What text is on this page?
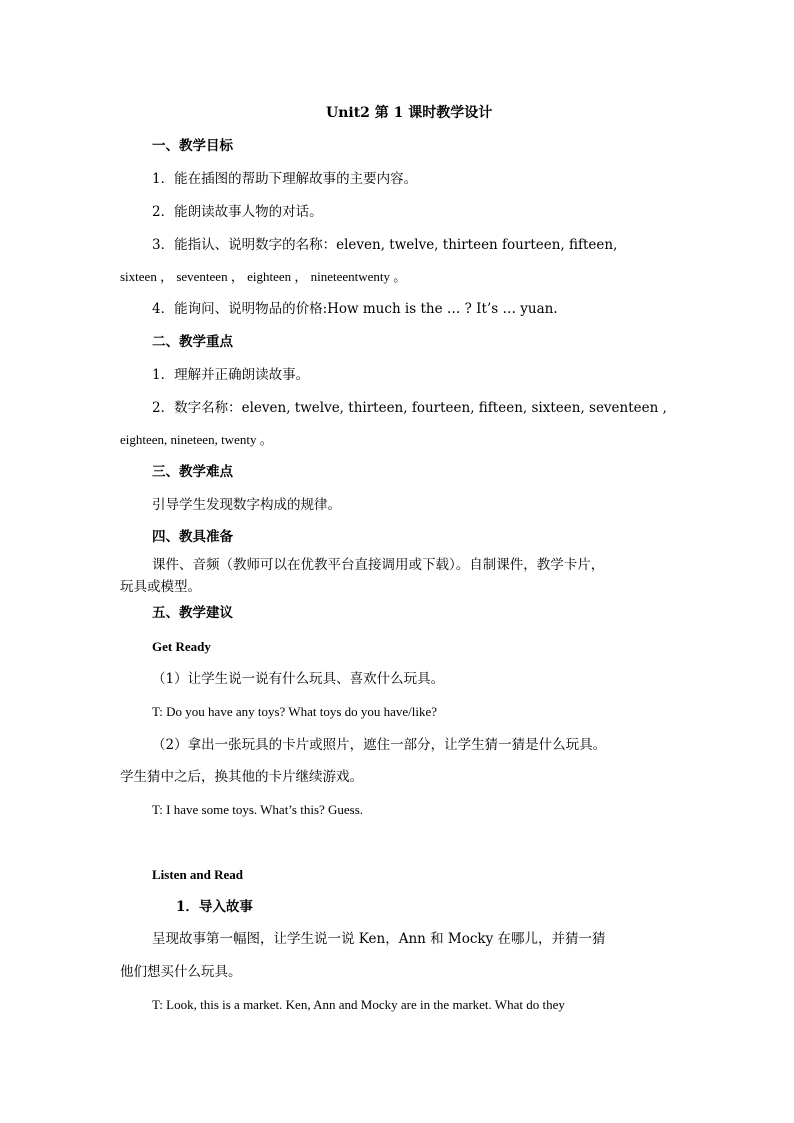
Unit2 第 1 课时教学设计
一、教学目标
1．能在插图的帮助下理解故事的主要内容。
2．能朗读故事人物的对话。
3．能指认、说明数字的名称：eleven, twelve, thirteen fourteen, fifteen,
sixteen ， seventeen ， eighteen ， nineteentwenty 。
4．能询问、说明物品的价格:How much is the … ? It’s … yuan.
二、教学重点
1．理解并正确朗读故事。
2．数字名称：eleven, twelve, thirteen, fourteen, fifteen, sixteen, seventeen ,
eighteen, nineteen, twenty 。
三、教学难点
引导学生发现数字构成的规律。
四、教具准备
课件、音频（教师可以在优教平台直接调用或下载）。自制课件，教学卡片，
玩具或模型。
五、教学建议
Get Ready
（1）让学生说一说有什么玩具、喜欢什么玩具。
T: Do you have any toys? What toys do you have/like?
（2）拿出一张玩具的卡片或照片，遮住一部分，让学生猜一猜是什么玩具。
学生猜中之后，换其他的卡片继续游戏。
T: I have some toys. What’s this? Guess.
Listen and Read
1．导入故事
呈现故事第一幅图，让学生说一说 Ken，Ann 和 Mocky 在哪儿，并猜一猜
他们想买什么玩具。
T: Look, this is a market. Ken, Ann and Mocky are in the market. What do they
